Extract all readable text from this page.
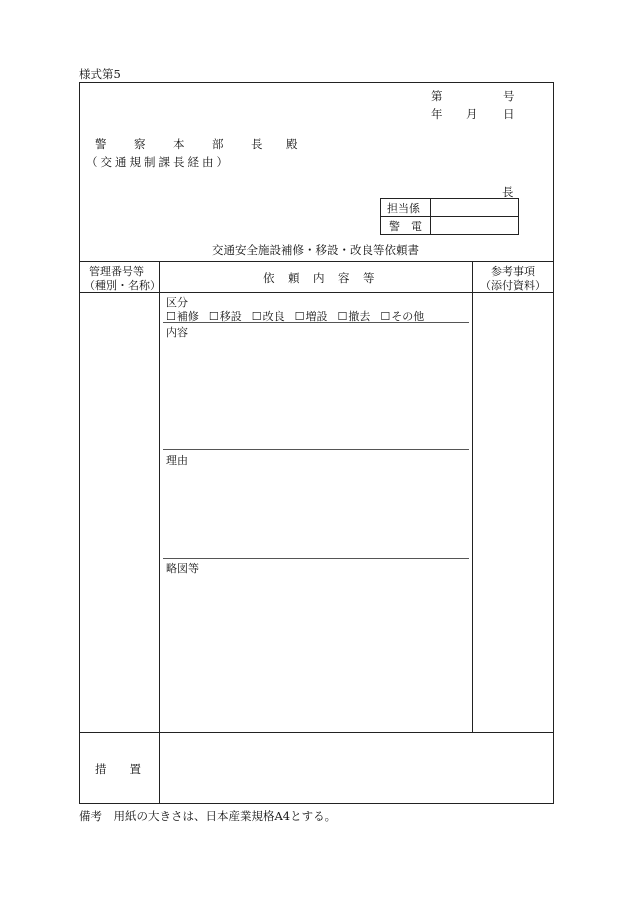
様式第5
第	号
年 月 日
警 察 本 部 長 殿
（交通規制課長経由）
長
担当係
警　電
交通安全施設補修・移設・改良等依頼書
管理番号等
（種別・名称）
依　頼　内　容　等	参考事項
（添付資料）
区分
☐補修 ☐移設 ☐改良 ☐増設 ☐撤去 ☐その他
内容
理由
略図等
措　　置
備考　用紙の大きさは、日本産業規格A4とする。
